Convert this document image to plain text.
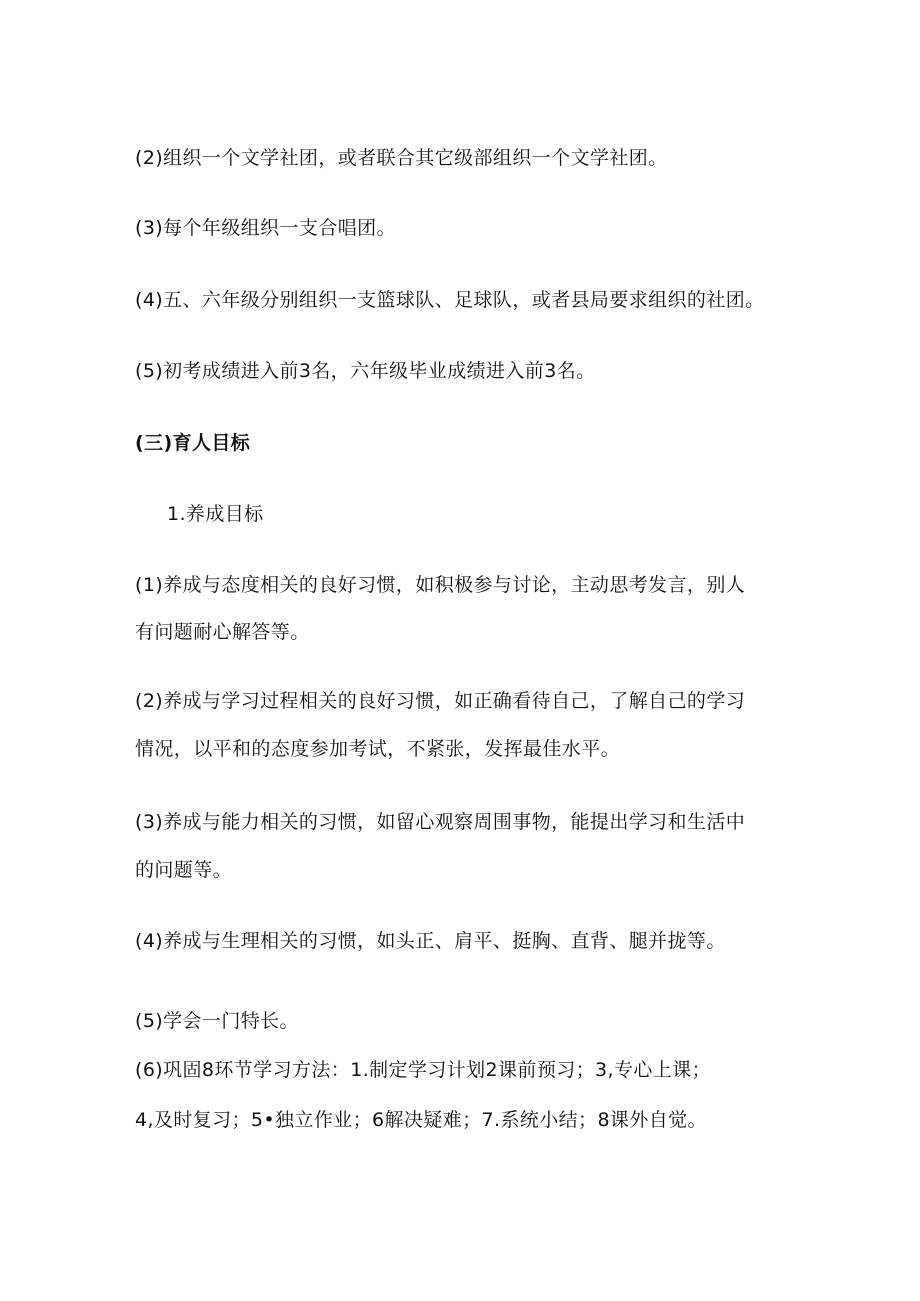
(2)组织一个文学社团，或者联合其它级部组织一个文学社团。
(3)每个年级组织一支合唱团。
(4)五、六年级分别组织一支篮球队、足球队，或者县局要求组织的社团。
(5)初考成绩进入前3名，六年级毕业成绩进入前3名。
(三)育人目标
1.养成目标
(1)养成与态度相关的良好习惯，如积极参与讨论，主动思考发言，别人
有问题耐心解答等。
(2)养成与学习过程相关的良好习惯，如正确看待自己，了解自己的学习
情况，以平和的态度参加考试，不紧张，发挥最佳水平。
(3)养成与能力相关的习惯，如留心观察周围事物，能提出学习和生活中
的问题等。
(4)养成与生理相关的习惯，如头正、肩平、挺胸、直背、腿并拢等。
(5)学会一门特长。
(6)巩固8环节学习方法：1.制定学习计划2课前预习；3,专心上课；
4,及时复习；5•独立作业；6解决疑难；7.系统小结；8课外自觉。
